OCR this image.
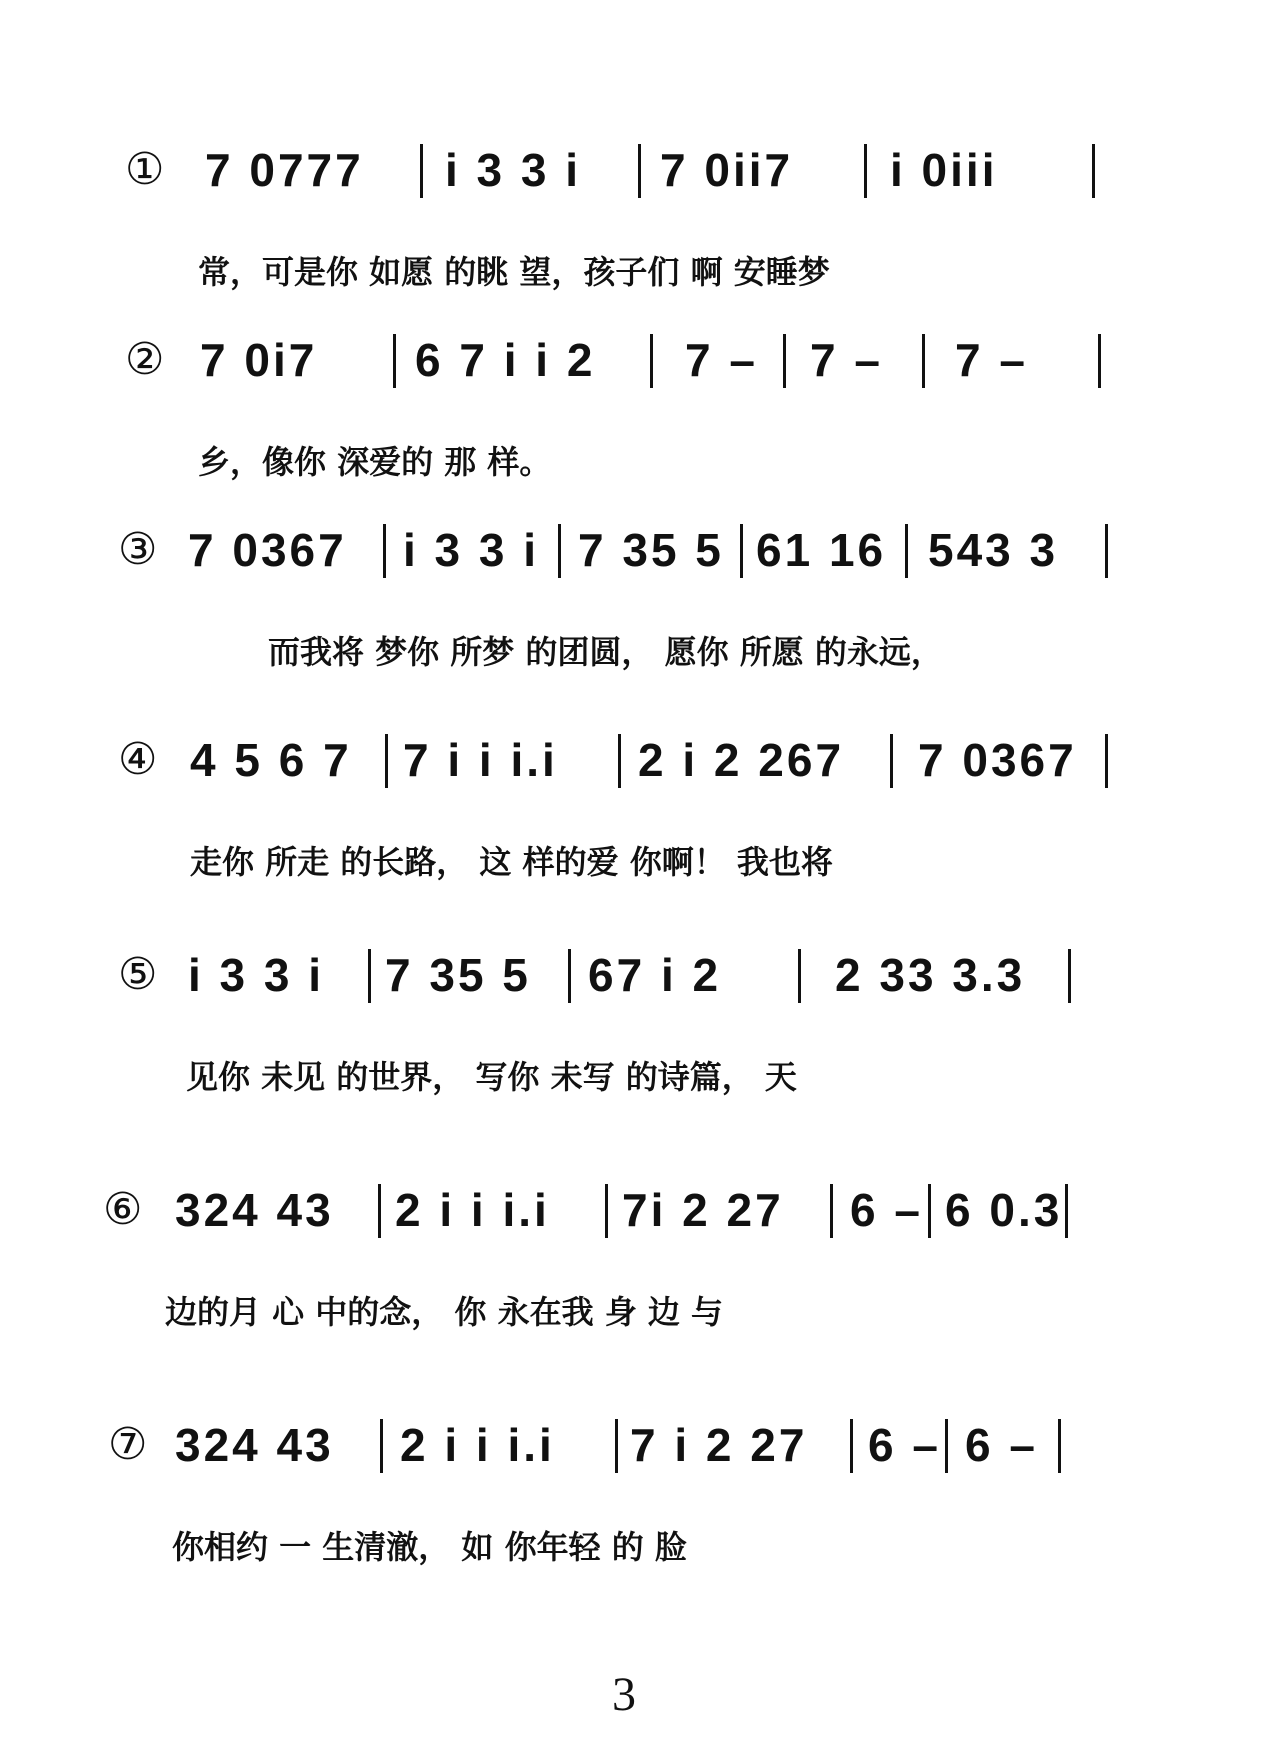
① 7 0777 i 3 3 i 7 0ii7 i 0iii
常，可是你 如愿 的眺 望，孩子们 啊 安睡梦
② 7 0i7 6 7 i i 2 7 – 7 – 7 –
乡，像你 深爱的 那 样。
③ 7 0367 i 3 3 i 7 35 5 61 16 543 3
而我将 梦你 所梦 的团圆， 愿你 所愿 的永远，
④ 4 5 6 7 7 i i i.i 2 i 2 267 7 0367
走你 所走 的长路， 这 样的爱 你啊！ 我也将
⑤ i 3 3 i 7 35 5 67 i 2 2 33 3.3
见你 未见 的世界， 写你 未写 的诗篇， 天
⑥ 324 43 2 i i i.i 7i 2 27 6 – 6 0.3
边的月 心 中的念， 你 永在我 身 边 与
⑦ 324 43 2 i i i.i 7 i 2 27 6 – 6 –
你相约 一 生清澈， 如 你年轻 的 脸
3
